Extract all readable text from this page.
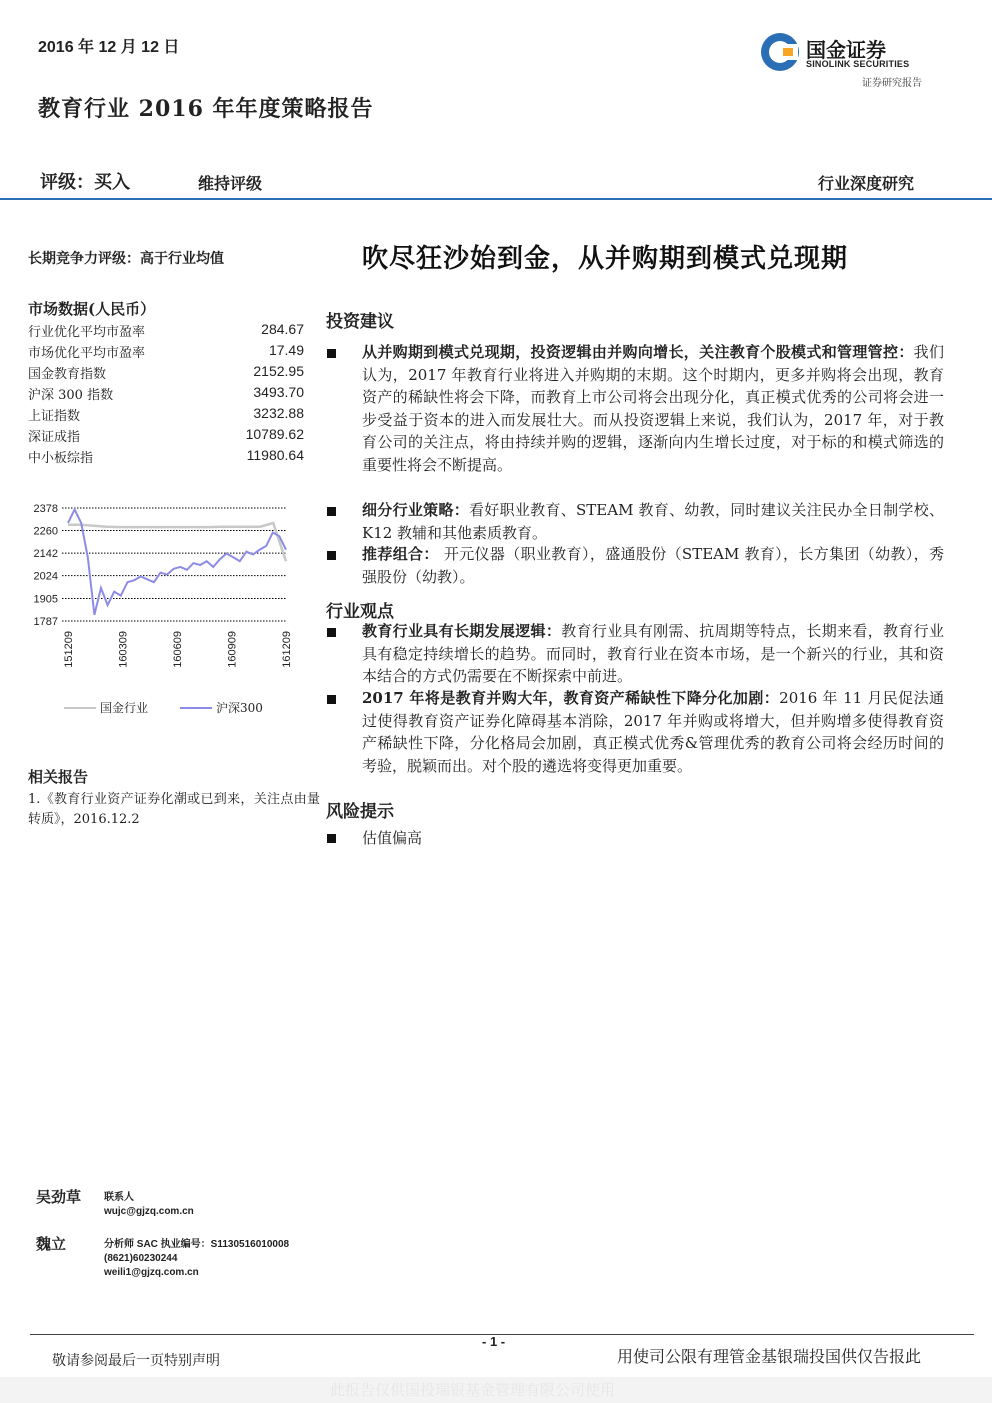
2016 年 12 月 12 日
教育行业 2016 年年度策略报告
国金证券
SINOLINK SECURITIES
证券研究报告
评级：买入	维持评级	行业深度研究
吹尽狂沙始到金，从并购期到模式兑现期
长期竞争力评级：高于行业均值
市场数据(人民币）
行业优化平均市盈率	284.67
市场优化平均市盈率	17.49
国金教育指数	2152.95
沪深 300 指数	3493.70
上证指数	3232.88
深证成指	10789.62
中小板综指	11980.64
2378
2260
2142
2024
1905
1787
151209	160309	160609	160909	161209
国金行业	沪深300
相关报告
1.《教育行业资产证券化潮或已到来，关注点由量转质》，2016.12.2
投资建议
从并购期到模式兑现期，投资逻辑由并购向增长，关注教育个股模式和管理管控：我们认为，2017 年教育行业将进入并购期的末期。这个时期内，更多并购将会出现，教育资产的稀缺性将会下降，而教育上市公司将会出现分化，真正模式优秀的公司将会进一步受益于资本的进入而发展壮大。而从投资逻辑上来说，我们认为，2017 年，对于教育公司的关注点，将由持续并购的逻辑，逐渐向内生增长过度，对于标的和模式筛选的重要性将会不断提高。
细分行业策略：看好职业教育、STEAM 教育、幼教，同时建议关注民办全日制学校、K12 教辅和其他素质教育。
推荐组合： 开元仪器（职业教育），盛通股份（STEAM 教育），长方集团（幼教），秀强股份（幼教）。
行业观点
教育行业具有长期发展逻辑：教育行业具有刚需、抗周期等特点，长期来看，教育行业具有稳定持续增长的趋势。而同时，教育行业在资本市场，是一个新兴的行业，其和资本结合的方式仍需要在不断探索中前进。
2017 年将是教育并购大年，教育资产稀缺性下降分化加剧：2016 年 11 月民促法通过使得教育资产证券化障碍基本消除，2017 年并购或将增大，但并购增多使得教育资产稀缺性下降，分化格局会加剧，真正模式优秀&管理优秀的教育公司将会经历时间的考验，脱颖而出。对个股的遴选将变得更加重要。
风险提示
估值偏高
吴劲草 联系人
wujc@gjzq.com.cn
魏立	分析师 SAC 执业编号：S1130516010008
(8621)60230244
weili1@gjzq.com.cn
- 1 -
敬请参阅最后一页特别声明	用使司公限有理管金基银瑞投国供仅告报此
此报告仅供国投瑞银基金管理有限公司使用
